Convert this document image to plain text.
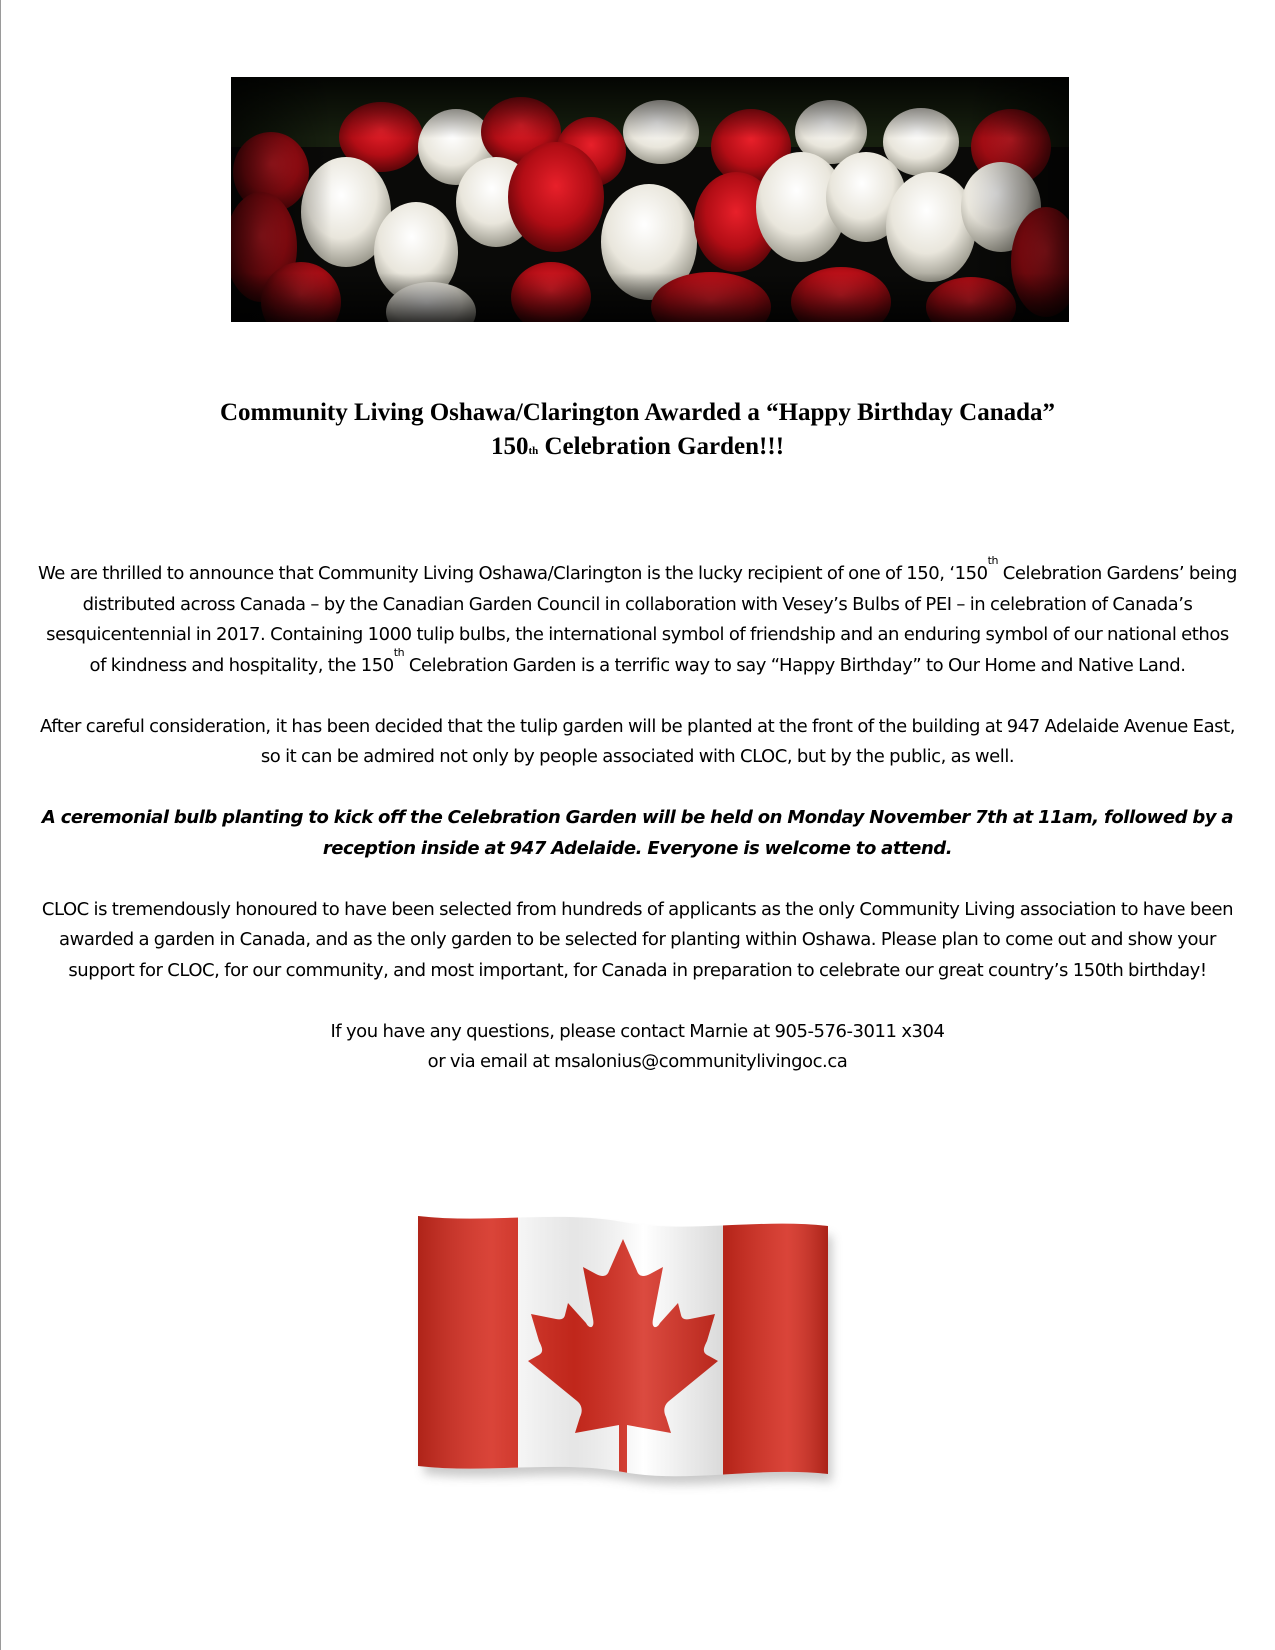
Community Living Oshawa/Clarington Awarded a “Happy Birthday Canada”
150th Celebration Garden!!!

We are thrilled to announce that Community Living Oshawa/Clarington is the lucky recipient of one of 150, ‘150th Celebration Gardens’ being distributed across Canada – by the Canadian Garden Council in collaboration with Vesey’s Bulbs of PEI – in celebration of Canada’s sesquicentennial in 2017. Containing 1000 tulip bulbs, the international symbol of friendship and an enduring symbol of our national ethos of kindness and hospitality, the 150th Celebration Garden is a terrific way to say “Happy Birthday” to Our Home and Native Land.

After careful consideration, it has been decided that the tulip garden will be planted at the front of the building at 947 Adelaide Avenue East, so it can be admired not only by people associated with CLOC, but by the public, as well.

A ceremonial bulb planting to kick off the Celebration Garden will be held on Monday November 7th at 11am, followed by a reception inside at 947 Adelaide. Everyone is welcome to attend.

CLOC is tremendously honoured to have been selected from hundreds of applicants as the only Community Living association to have been awarded a garden in Canada, and as the only garden to be selected for planting within Oshawa. Please plan to come out and show your support for CLOC, for our community, and most important, for Canada in preparation to celebrate our great country’s 150th birthday!

If you have any questions, please contact Marnie at 905-576-3011 x304
or via email at msalonius@communitylivingoc.ca
